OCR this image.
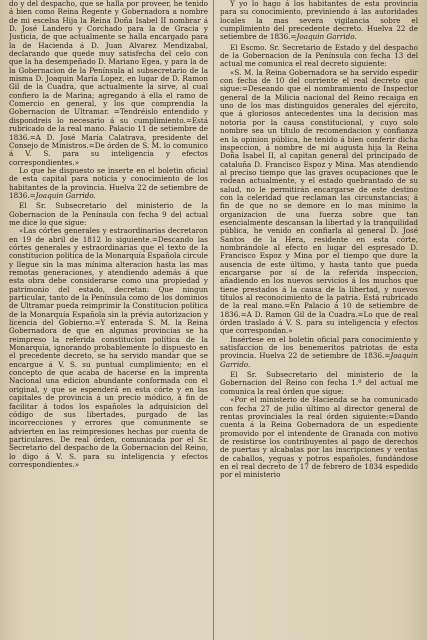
do y del despacho, que se halla por proveer, he tenido á bien como Reina Regente y Gobernadora a nombre de mi escelsa Hija la Reina Doña Isabel II nombrar á D. José Landero y Corchado para la de Gracia y Justicia, de que actualmente se halla encargado para la de Hacienda á D. Juan Alvarez Mendizabal, declarando que quede muy satisfecha del celo con que la ha desempeñado D. Mariano Egea, y para la de la Gobernacion de la Península al subsecretario de la misma D. Joaquin María Lopez, en lugar de D. Ramon Gil de la Cuadra, que actualmente la sirve, al cual confiero la de Marina; agregando á ella el ramo de Comercio en general, y los que comprendia la Gobernacion de Ultramar. =Tendréislo entendido y dispondreis lo necesario á su cumplimiento.=Está rubricado de la real mano. Palacio 11 de setiembre de 1836.=A D. José María Calatrava, presidente del Consejo de Ministros.=De órden de S. M. lo comunico á V. S. para su inteligencia y efectos correspondientes.»

Lo que he dispuesto se inserte en el boletin oficial de esta capital para noticia y conocimiento de los habitantes de la provincia. Huelva 22 de setiembre de 1836.=Joaquin Garrido.

El Sr. Subsecretario del ministerio de la Gobernacion de la Península con fecha 9 del actual me dice lo que sigue:

«Las córtes generales y estraordinarias decretaron en 19 de abril de 1812 lo siguiente.=Descando las córtes generales y estraordinarias que el texto de la constitucion política de la Monarquía Española circule y llegue sin la mas mínima alteracion hasta las mas remotas generaciones, y atendiendo además á que esta obra debe considerarse como una propiedad y patrimonio del estado, decretan: Que ningun particular, tanto de la Península como de los dominios de Ultramar pueda reimprimir la Constitucion política de la Monarquía Española sin la prévia autorizacion y licencia del Gobierno.=Y enterada S. M. la Reina Gobernadora de que en algunas provincias se ha reimpreso la referida constitucion política de la Monarquía, ignorando probablemente lo dispuesto en el precedente decreto, se ha servido mandar que se encargue á V. S. su puntual cumplimiento; en el concepto de que acaba de hacerse en la imprenta Nacional una edicion abundante conformada con el original, y que se espenderá en esta córte y en las capitales de provincia á un precio módico, á fin de facilitar á todos los españoles la adquisicion del código de sus libertades, purgado de las incorrecciones y errores que comunmente se advierten en las reimpresiones hechas por cuenta de particulares. De real órden, comunicada por el Sr. Secretario del despacho de la Gobernacion del Reino, lo digo á V. S. para su inteligencia y efectos correspondientes.»

Y yo lo hago á los habitantes de esta provincia para su conocimiento, previniendo á las autoridades locales la mas severa vigilancia sobre el cumplimiento del precedente decreto. Huelva 22 de setiembre de 1836.=Joaquin Garrido.

El Escmo. Sr. Secretario de Estado y del despacho de la Gobernacion de la Península con fecha 13 del actual me comunica el real decreto siguiente:

«S. M. la Reina Gobernadora se ha servido espedir con fecha de 10 del corriente el real decreto que sigue:=Deseando que el nombramiento de Inspector general de la Milicia nacional del Reino recaiga en uno de los mas distinguidos generales del ejército, que á gloriosos antecedentes una la decision mas notoria por la causa constitucional, y cuyo solo nombre sea un título de recomendacion y confianza en la opinion pública, he tenido á bien conferir dicha inspeccion, á nombre de mi augusta hija la Reina Doña Isabel II, al capitan general del principado de cataluña D. Francisco Espoz y Mina. Mas atendiendo al preciso tiempo que las graves ocupaciones que le rodean actualmente, y el estado quebrantado de su salud, no le permitirán encargarse de este destino con la celeridad que reclaman las circunstancias; á fin de que no se demore en lo mas mínimo la organizacion de una fuerza sobre que tan esencialmente descansan la libertad y la tranquilidad pública, he venido en confiarla al general D. José Santos de la Hera, residente en esta córte, nombrándole al efecto en lugar del espresado D. Francisco Espoz y Mina por el tiempo que dure la ausencia de este último, y hasta tanto que pueda encargarse por sí de la referida inspeccion, añadiendo en los nuevos servicios á los muchos que tiene prestados á la causa de la libertad, y nuevos títulos al reconocimiento de la patria. Está rubricado de la real mano.=En Palacio á 10 de setiembre de 1836.=A D. Ramon Gil de la Cuadra.=Lo que de real órden traslado á V. S. para su inteligencia y efectos que correspondan.»

Insértese en el boletin oficial para conocimiento y satisfaccion de los benemeritos patriotas de esta provincia. Huelva 22 de setiembre de 1836.=Joaquin Garrido.

El Sr. Subsecretario del ministerio de la Gobernacion del Reino con fecha 1.º del actual me comunica la real órden que sigue:

«Por el ministerio de Hacienda se ha comunicado con fecha 27 de julio último al director general de rentas provinciales la real órden siguiente:=Dando cuenta á la Reina Gobernadora de un espediente promovido por el intendente de Granada con motivo de resistirse los contribuyentes al pago de derechos de puertas y alcabalas por las inscripciones y ventas de caballos, yeguas y potros españoles, fundándose en el real decreto de 17 de febrero de 1834 espedido por el ministerio
